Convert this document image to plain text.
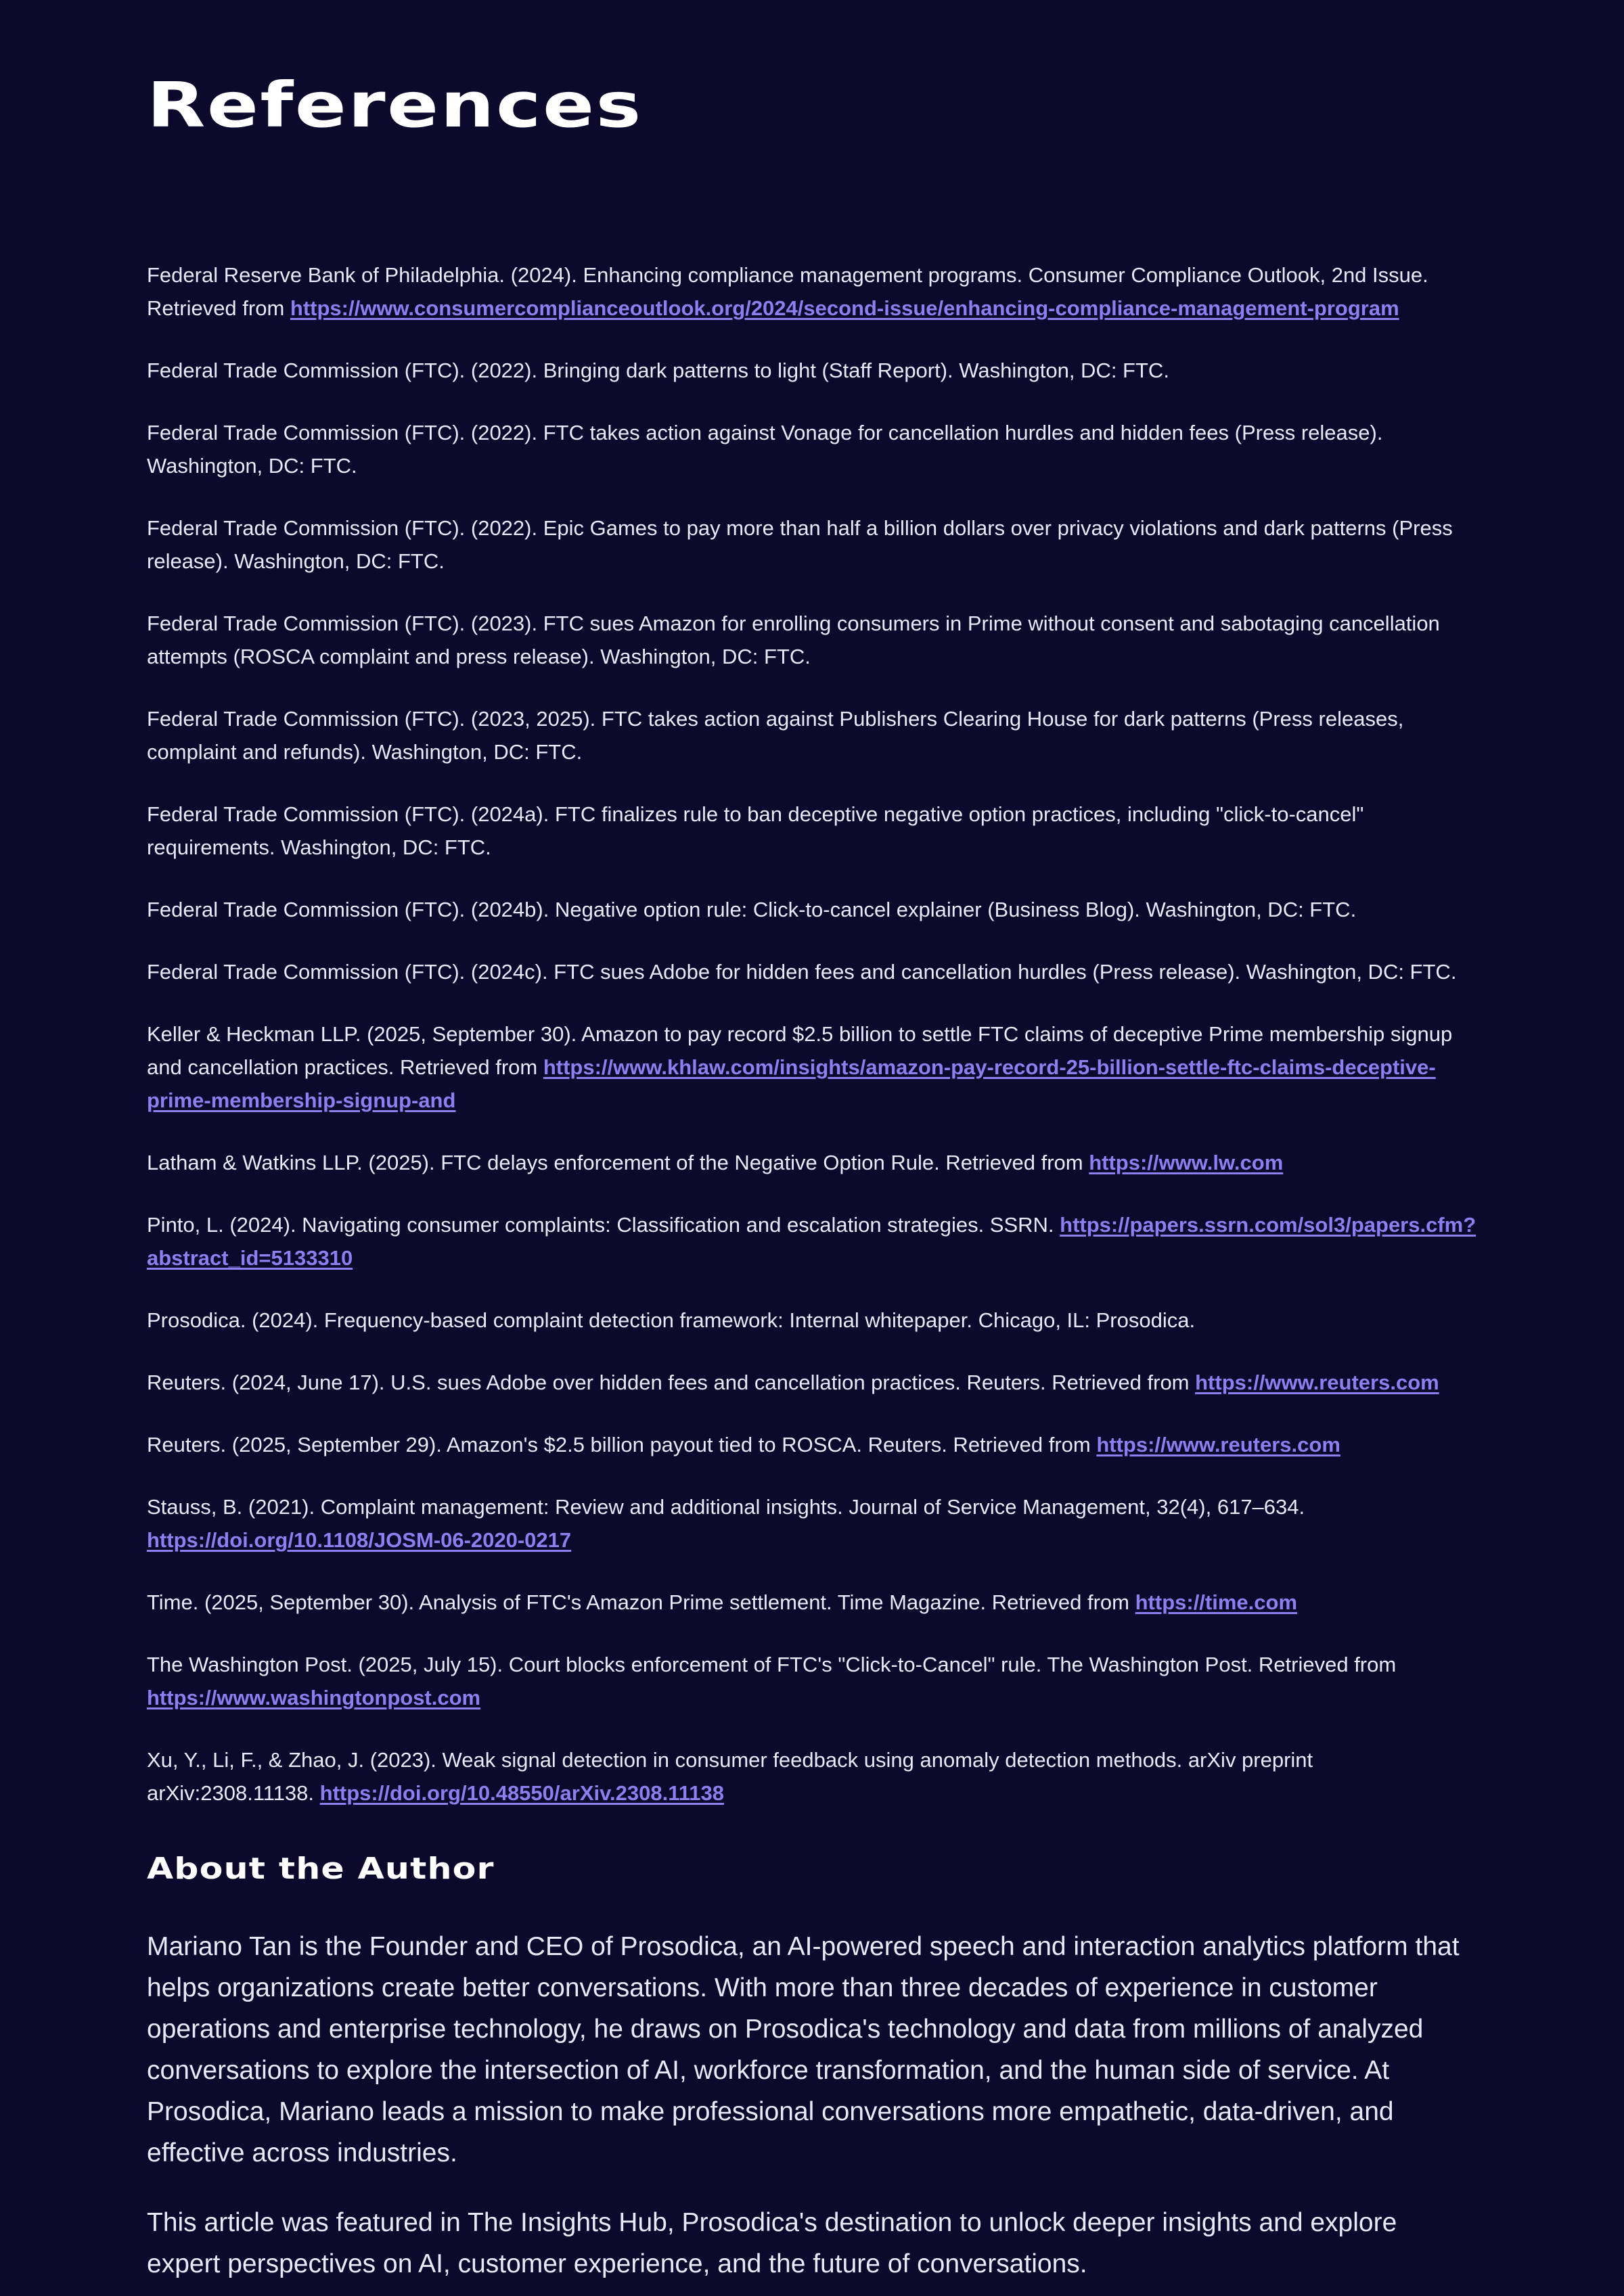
References

Federal Reserve Bank of Philadelphia. (2024). Enhancing compliance management programs. Consumer Compliance Outlook, 2nd Issue. Retrieved from https://www.consumercomplianceoutlook.org/2024/second-issue/enhancing-compliance-management-program

Federal Trade Commission (FTC). (2022). Bringing dark patterns to light (Staff Report). Washington, DC: FTC.

Federal Trade Commission (FTC). (2022). FTC takes action against Vonage for cancellation hurdles and hidden fees (Press release). Washington, DC: FTC.

Federal Trade Commission (FTC). (2022). Epic Games to pay more than half a billion dollars over privacy violations and dark patterns (Press release). Washington, DC: FTC.

Federal Trade Commission (FTC). (2023). FTC sues Amazon for enrolling consumers in Prime without consent and sabotaging cancellation attempts (ROSCA complaint and press release). Washington, DC: FTC.

Federal Trade Commission (FTC). (2023, 2025). FTC takes action against Publishers Clearing House for dark patterns (Press releases, complaint and refunds). Washington, DC: FTC.

Federal Trade Commission (FTC). (2024a). FTC finalizes rule to ban deceptive negative option practices, including "click-to-cancel" requirements. Washington, DC: FTC.

Federal Trade Commission (FTC). (2024b). Negative option rule: Click-to-cancel explainer (Business Blog). Washington, DC: FTC.

Federal Trade Commission (FTC). (2024c). FTC sues Adobe for hidden fees and cancellation hurdles (Press release). Washington, DC: FTC.

Keller & Heckman LLP. (2025, September 30). Amazon to pay record $2.5 billion to settle FTC claims of deceptive Prime membership signup and cancellation practices. Retrieved from https://www.khlaw.com/insights/amazon-pay-record-25-billion-settle-ftc-claims-deceptive-prime-membership-signup-and

Latham & Watkins LLP. (2025). FTC delays enforcement of the Negative Option Rule. Retrieved from https://www.lw.com

Pinto, L. (2024). Navigating consumer complaints: Classification and escalation strategies. SSRN. https://papers.ssrn.com/sol3/papers.cfm?abstract_id=5133310

Prosodica. (2024). Frequency-based complaint detection framework: Internal whitepaper. Chicago, IL: Prosodica.

Reuters. (2024, June 17). U.S. sues Adobe over hidden fees and cancellation practices. Reuters. Retrieved from https://www.reuters.com

Reuters. (2025, September 29). Amazon's $2.5 billion payout tied to ROSCA. Reuters. Retrieved from https://www.reuters.com

Stauss, B. (2021). Complaint management: Review and additional insights. Journal of Service Management, 32(4), 617–634. https://doi.org/10.1108/JOSM-06-2020-0217

Time. (2025, September 30). Analysis of FTC's Amazon Prime settlement. Time Magazine. Retrieved from https://time.com

The Washington Post. (2025, July 15). Court blocks enforcement of FTC's "Click-to-Cancel" rule. The Washington Post. Retrieved from https://www.washingtonpost.com

Xu, Y., Li, F., & Zhao, J. (2023). Weak signal detection in consumer feedback using anomaly detection methods. arXiv preprint arXiv:2308.11138. https://doi.org/10.48550/arXiv.2308.11138

About the Author

Mariano Tan is the Founder and CEO of Prosodica, an AI-powered speech and interaction analytics platform that helps organizations create better conversations. With more than three decades of experience in customer operations and enterprise technology, he draws on Prosodica's technology and data from millions of analyzed conversations to explore the intersection of AI, workforce transformation, and the human side of service. At Prosodica, Mariano leads a mission to make professional conversations more empathetic, data-driven, and effective across industries.

This article was featured in The Insights Hub, Prosodica's destination to unlock deeper insights and explore expert perspectives on AI, customer experience, and the future of conversations.
